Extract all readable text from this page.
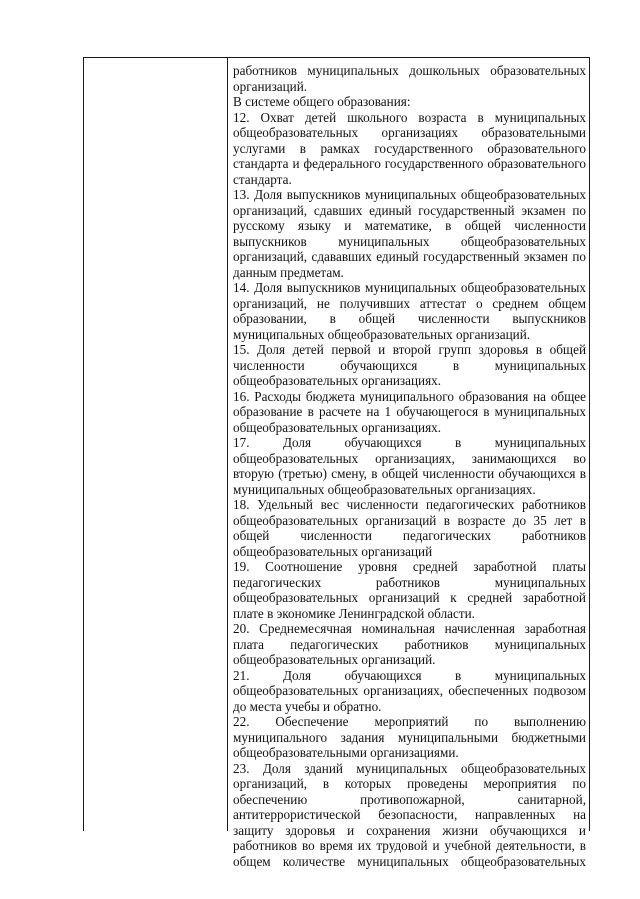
работников муниципальных дошкольных образовательных организаций.

В системе общего образования:

12. Охват детей школьного возраста в муниципальных общеобразовательных организациях образовательными услугами в рамках государственного образовательного стандарта и федерального государственного образовательного стандарта.

13. Доля выпускников муниципальных общеобразовательных организаций, сдавших единый государственный экзамен по русскому языку и математике, в общей численности выпускников муниципальных общеобразовательных организаций, сдававших единый государственный экзамен по данным предметам.

14. Доля выпускников муниципальных общеобразовательных организаций, не получивших аттестат о среднем общем образовании, в общей численности выпускников муниципальных общеобразовательных организаций.

15. Доля детей первой и второй групп здоровья в общей численности обучающихся в муниципальных общеобразовательных организациях.

16. Расходы бюджета муниципального образования на общее образование в расчете на 1 обучающегося в муниципальных общеобразовательных организациях.

17. Доля обучающихся в муниципальных общеобразовательных организациях, занимающихся во вторую (третью) смену, в общей численности обучающихся в муниципальных общеобразовательных организациях.

18. Удельный вес численности педагогических работников общеобразовательных организаций в возрасте до 35 лет в общей численности педагогических работников общеобразовательных организаций

19. Соотношение уровня средней заработной платы педагогических работников муниципальных общеобразовательных организаций к средней заработной плате в экономике Ленинградской области.

20. Среднемесячная номинальная начисленная заработная плата педагогических работников муниципальных общеобразовательных организаций.

21. Доля обучающихся в муниципальных общеобразовательных организациях, обеспеченных подвозом до места учебы и обратно.

22. Обеспечение мероприятий по выполнению муниципального задания муниципальными бюджетными общеобразовательными организациями.

23. Доля зданий муниципальных общеобразовательных организаций, в которых проведены мероприятия по обеспечению противопожарной, санитарной, антитеррористической безопасности, направленных на защиту здоровья и сохранения жизни обучающихся и работников во время их трудовой и учебной деятельности, в общем количестве муниципальных общеобразовательных
